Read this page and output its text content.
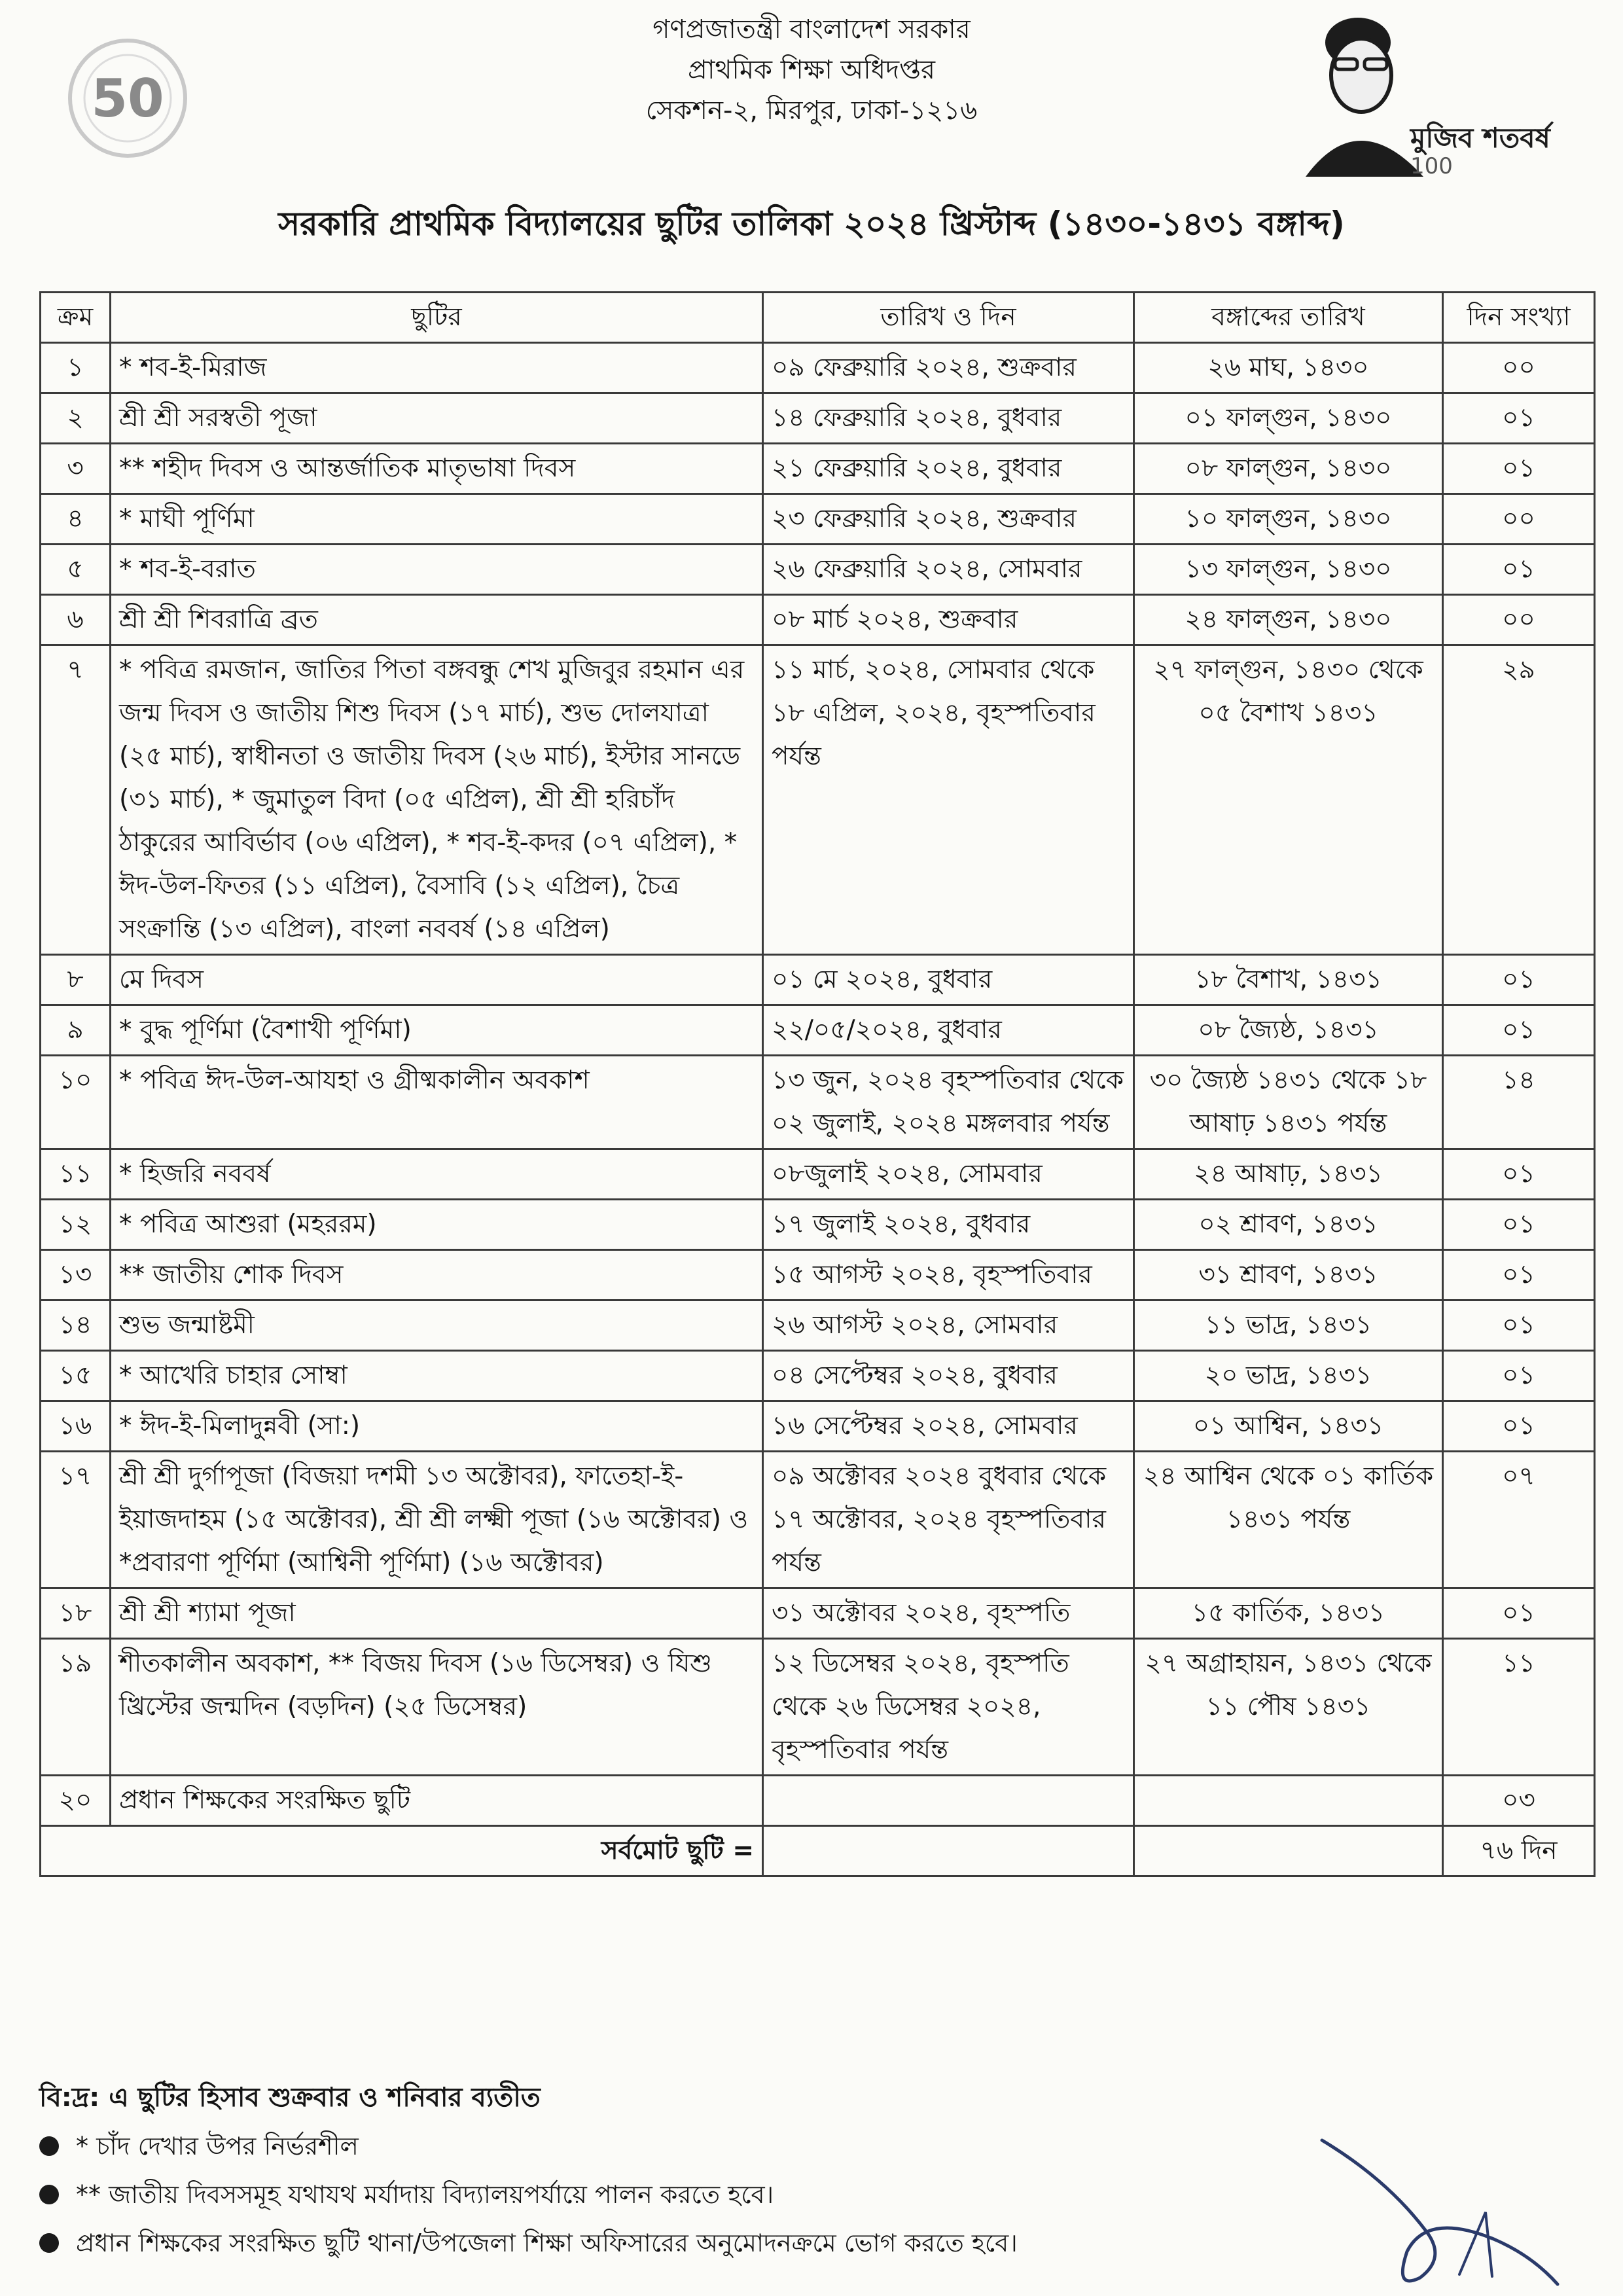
50
গণপ্রজাতন্ত্রী বাংলাদেশ সরকার
প্রাথমিক শিক্ষা অধিদপ্তর
সেকশন-২, মিরপুর, ঢাকা-১২১৬
মুজিব শতবর্ষ
100
সরকারি প্রাথমিক বিদ্যালয়ের ছুটির তালিকা ২০২৪ খ্রিস্টাব্দ (১৪৩০-১৪৩১ বঙ্গাব্দ)
ক্রম	ছুটির	তারিখ ও দিন	বঙ্গাব্দের তারিখ	দিন সংখ্যা
১	* শব-ই-মিরাজ	০৯ ফেব্রুয়ারি ২০২৪, শুক্রবার	২৬ মাঘ, ১৪৩০	০০
২	শ্রী শ্রী সরস্বতী পূজা	১৪ ফেব্রুয়ারি ২০২৪, বুধবার	০১ ফাল্গুন, ১৪৩০	০১
৩	** শহীদ দিবস ও আন্তর্জাতিক মাতৃভাষা দিবস	২১ ফেব্রুয়ারি ২০২৪, বুধবার	০৮ ফাল্গুন, ১৪৩০	০১
৪	* মাঘী পূর্ণিমা	২৩ ফেব্রুয়ারি ২০২৪, শুক্রবার	১০ ফাল্গুন, ১৪৩০	০০
৫	* শব-ই-বরাত	২৬ ফেব্রুয়ারি ২০২৪, সোমবার	১৩ ফাল্গুন, ১৪৩০	০১
৬	শ্রী শ্রী শিবরাত্রি ব্রত	০৮ মার্চ ২০২৪, শুক্রবার	২৪ ফাল্গুন, ১৪৩০	০০
৭	* পবিত্র রমজান, জাতির পিতা বঙ্গবন্ধু শেখ মুজিবুর রহমান এর জন্ম দিবস ও জাতীয় শিশু দিবস (১৭ মার্চ), শুভ দোলযাত্রা (২৫ মার্চ), স্বাধীনতা ও জাতীয় দিবস (২৬ মার্চ), ইস্টার সানডে (৩১ মার্চ), * জুমাতুল বিদা (০৫ এপ্রিল), শ্রী শ্রী হরিচাঁদ ঠাকুরের আবির্ভাব (০৬ এপ্রিল), * শব-ই-কদর (০৭ এপ্রিল), * ঈদ-উল-ফিতর (১১ এপ্রিল), বৈসাবি (১২ এপ্রিল), চৈত্র সংক্রান্তি (১৩ এপ্রিল), বাংলা নববর্ষ (১৪ এপ্রিল)	১১ মার্চ, ২০২৪, সোমবার থেকে ১৮ এপ্রিল, ২০২৪, বৃহস্পতিবার পর্যন্ত	২৭ ফাল্গুন, ১৪৩০ থেকে ০৫ বৈশাখ ১৪৩১	২৯
৮	মে দিবস	০১ মে ২০২৪, বুধবার	১৮ বৈশাখ, ১৪৩১	০১
৯	* বুদ্ধ পূর্ণিমা (বৈশাখী পূর্ণিমা)	২২/০৫/২০২৪, বুধবার	০৮ জ্যৈষ্ঠ, ১৪৩১	০১
১০	* পবিত্র ঈদ-উল-আযহা ও গ্রীষ্মকালীন অবকাশ	১৩ জুন, ২০২৪ বৃহস্পতিবার থেকে ০২ জুলাই, ২০২৪ মঙ্গলবার পর্যন্ত	৩০ জ্যৈষ্ঠ ১৪৩১ থেকে ১৮ আষাঢ় ১৪৩১ পর্যন্ত	১৪
১১	* হিজরি নববর্ষ	০৮জুলাই ২০২৪, সোমবার	২৪ আষাঢ়, ১৪৩১	০১
১২	* পবিত্র আশুরা (মহররম)	১৭ জুলাই ২০২৪, বুধবার	০২ শ্রাবণ, ১৪৩১	০১
১৩	** জাতীয় শোক দিবস	১৫ আগস্ট ২০২৪, বৃহস্পতিবার	৩১ শ্রাবণ, ১৪৩১	০১
১৪	শুভ জন্মাষ্টমী	২৬ আগস্ট ২০২৪, সোমবার	১১ ভাদ্র, ১৪৩১	০১
১৫	* আখেরি চাহার সোম্বা	০৪ সেপ্টেম্বর ২০২৪, বুধবার	২০ ভাদ্র, ১৪৩১	০১
১৬	* ঈদ-ই-মিলাদুন্নবী (সা:)	১৬ সেপ্টেম্বর ২০২৪, সোমবার	০১ আশ্বিন, ১৪৩১	০১
১৭	শ্রী শ্রী দুর্গাপূজা (বিজয়া দশমী ১৩ অক্টোবর), ফাতেহা-ই-ইয়াজদাহম (১৫ অক্টোবর), শ্রী শ্রী লক্ষ্মী পূজা (১৬ অক্টোবর) ও *প্রবারণা পূর্ণিমা (আশ্বিনী পূর্ণিমা) (১৬ অক্টোবর)	০৯ অক্টোবর ২০২৪ বুধবার থেকে ১৭ অক্টোবর, ২০২৪ বৃহস্পতিবার পর্যন্ত	২৪ আশ্বিন থেকে ০১ কার্তিক ১৪৩১ পর্যন্ত	০৭
১৮	শ্রী শ্রী শ্যামা পূজা	৩১ অক্টোবর ২০২৪, বৃহস্পতি	১৫ কার্তিক, ১৪৩১	০১
১৯	শীতকালীন অবকাশ, ** বিজয় দিবস (১৬ ডিসেম্বর) ও যিশু খ্রিস্টের জন্মদিন (বড়দিন) (২৫ ডিসেম্বর)	১২ ডিসেম্বর ২০২৪, বৃহস্পতি থেকে ২৬ ডিসেম্বর ২০২৪, বৃহস্পতিবার পর্যন্ত	২৭ অগ্রাহায়ন, ১৪৩১ থেকে ১১ পৌষ ১৪৩১	১১
২০	প্রধান শিক্ষকের সংরক্ষিত ছুটি			০৩
সর্বমোট ছুটি =				৭৬ দিন
বি:দ্র: এ ছুটির হিসাব শুক্রবার ও শনিবার ব্যতীত
* চাঁদ দেখার উপর নির্ভরশীল
** জাতীয় দিবসসমূহ যথাযথ মর্যাদায় বিদ্যালয়পর্যায়ে পালন করতে হবে।
প্রধান শিক্ষকের সংরক্ষিত ছুটি থানা/উপজেলা শিক্ষা অফিসারের অনুমোদনক্রমে ভোগ করতে হবে।
